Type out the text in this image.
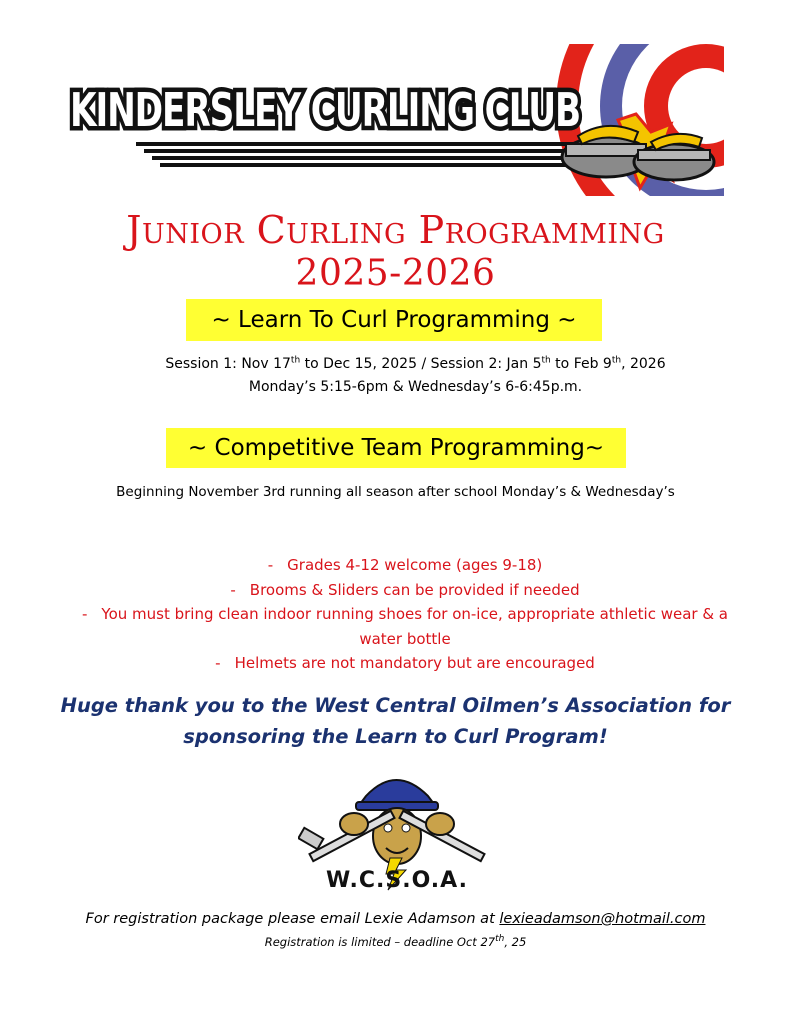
KINDERSLEY CURLING CLUB
Junior Curling Programming
2025-2026
~ Learn To Curl Programming ~
Session 1: Nov 17th to Dec 15, 2025 / Session 2: Jan 5th to Feb 9th, 2026
Monday’s 5:15-6pm & Wednesday’s 6-6:45p.m.
~ Competitive Team Programming~
Beginning November 3rd running all season after school Monday’s & Wednesday’s
- Grades 4-12 welcome (ages 9-18)
- Brooms & Sliders can be provided if needed
- You must bring clean indoor running shoes for on-ice, appropriate athletic wear & a water bottle
- Helmets are not mandatory but are encouraged
Huge thank you to the West Central Oilmen’s Association for
sponsoring the Learn to Curl Program!
W.C.S.O.A.
For registration package please email Lexie Adamson at lexieadamson@hotmail.com
Registration is limited – deadline Oct 27th, 25
